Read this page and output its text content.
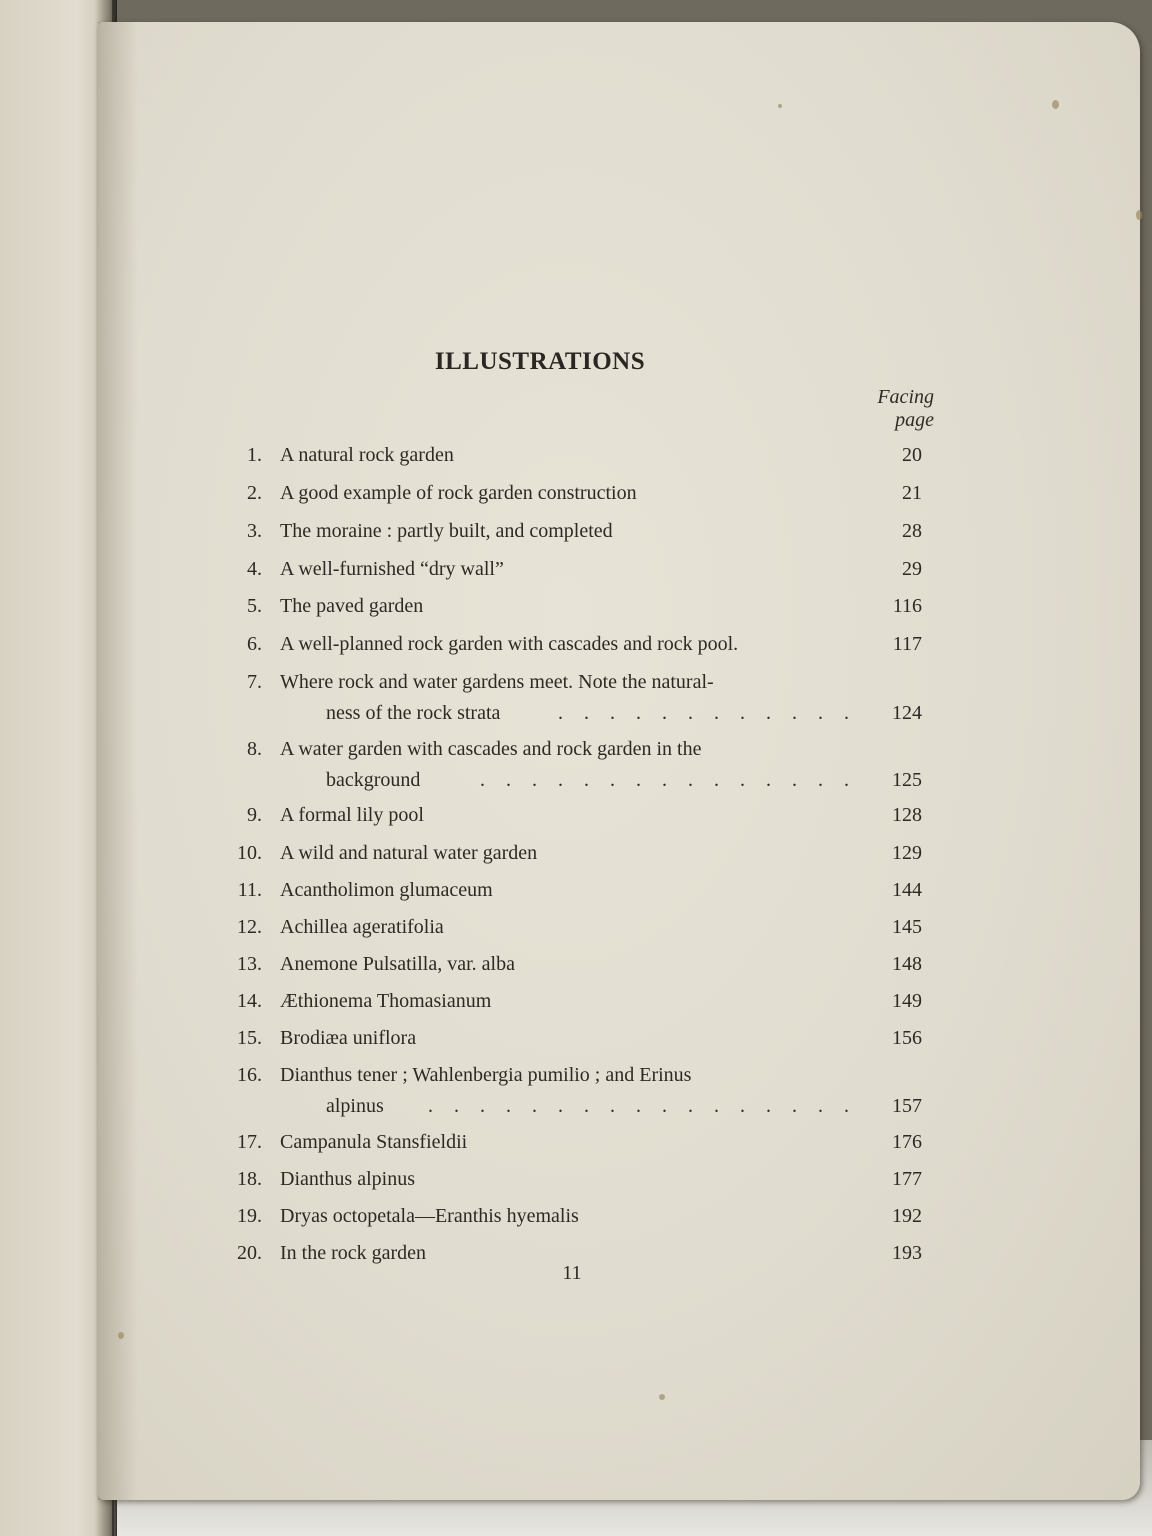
ILLUSTRATIONS
Facing
page
1. A natural rock garden	20
2. A good example of rock garden construction	21
3. The moraine : partly built, and completed	28
4. A well-furnished “dry wall”	29
5. The paved garden	116
6. A well-planned rock garden with cascades and rock pool.	117
7. Where rock and water gardens meet. Note the natural-
ness of the rock strata	............	124
8. A water garden with cascades and rock garden in the
background	...............	125
9. A formal lily pool	128
10. A wild and natural water garden	129
11. Acantholimon glumaceum	144
12. Achillea ageratifolia	145
13. Anemone Pulsatilla, var. alba	148
14. Æthionema Thomasianum	149
15. Brodiæa uniflora	156
16. Dianthus tener ; Wahlenbergia pumilio ; and Erinus
alpinus .................	157
17. Campanula Stansfieldii	176
18. Dianthus alpinus	177
19. Dryas octopetala—Eranthis hyemalis	192
20. In the rock garden	193
11
